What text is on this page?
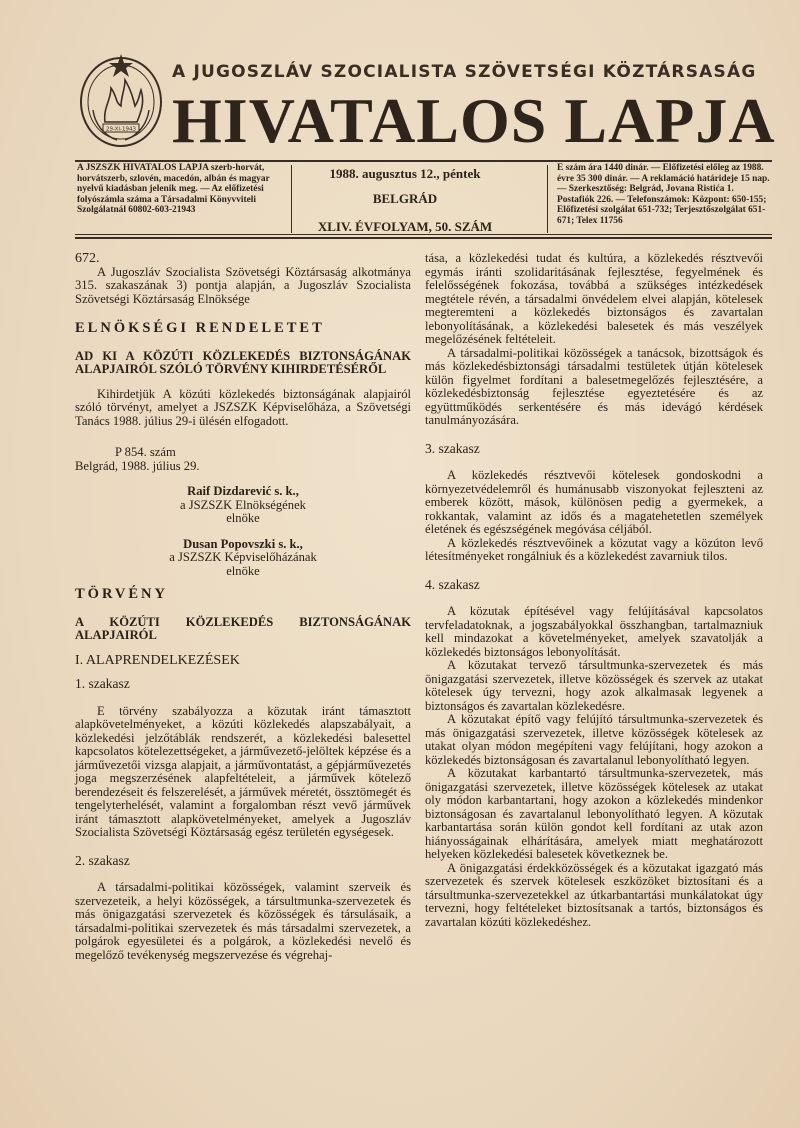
29-XI-1943
A JUGOSZLÁV SZOCIALISTA SZÖVETSÉGI KÖZTÁRSASÁG
HIVATALOS LAPJA
A JSZSZK HIVATALOS LAPJA szerb-horvát, horvátszerb, szlovén, macedón, albán és magyar nyelvű kiadásban jelenik meg. — Az előfizetési folyószámla száma a Társadalmi Könyvviteli Szolgálatnál 60802-603-21943
1988. augusztus 12., péntek
BELGRÁD
XLIV. ÉVFOLYAM, 50. SZÁM
E szám ára 1440 dinár. — Előfizetési előleg az 1988. évre 35 300 dinár. — A reklamáció határideje 15 nap. — Szerkesztőség: Belgrád, Jovana Ristića 1. Postafiók 226. — Telefonszámok: Központ: 650-155; Előfizetési szolgálat 651-732; Terjesztőszolgálat 651-671; Telex 11756

672.

A Jugoszláv Szocialista Szövetségi Köztársaság alkotmánya 315. szakaszának 3) pontja alapján, a Jugoszláv Szocialista Szövetségi Köztársaság Elnöksége

ELNÖKSÉGI RENDELETET

AD KI A KÖZÚTI KÖZLEKEDÉS BIZTONSÁGÁNAK ALAPJAIRÓL SZÓLÓ TÖRVÉNY KIHIRDETÉSÉRŐL

Kihirdetjük A közúti közlekedés biztonságának alapjairól szóló törvényt, amelyet a JSZSZK Képviselőháza, a Szövetségi Tanács 1988. július 29-i ülésén elfogadott.

P 854. szám

Belgrád, 1988. július 29.

Raif Dizdarević s. k.,
a JSZSZK Elnökségének
elnöke

Dusan Popovszki s. k.,
a JSZSZK Képviselőházának
elnöke

TÖRVÉNY

A KÖZÚTI KÖZLEKEDÉS BIZTONSÁGÁNAK ALAPJAIRÓL

I. ALAPRENDELKEZÉSEK

1. szakasz

E törvény szabályozza a közutak iránt támasztott alapkövetelményeket, a közúti közlekedés alapszabályait, a közlekedési jelzőtáblák rendszerét, a közlekedési balesettel kapcsolatos kötelezettségeket, a járművezető-jelöltek képzése és a járművezetői vizsga alapjait, a járművontatást, a gépjárművezetés joga megszerzésének alapfeltételeit, a járművek kötelező berendezéseit és felszerelését, a járművek méretét, össztömegét és tengelyterhelését, valamint a forgalomban részt vevő járművek iránt támasztott alapkövetelményeket, amelyek a Jugoszláv Szocialista Szövetségi Köztársaság egész területén egységesek.

2. szakasz

A társadalmi-politikai közösségek, valamint szerveik és szervezeteik, a helyi közösségek, a társultmunka-szervezetek és más önigazgatási szervezetek és közösségek és társulásaik, a társadalmi-politikai szervezetek és más társadalmi szervezetek, a polgárok egyesületei és a polgárok, a közlekedési nevelő és megelőző tevékenység megszervezése és végrehaj-

tása, a közlekedési tudat és kultúra, a közlekedés résztvevői egymás iránti szolidaritásának fejlesztése, fegyelmének és felelősségének fokozása, továbbá a szükséges intézkedések megtétele révén, a társadalmi önvédelem elvei alapján, kötelesek megteremteni a közlekedés biztonságos és zavartalan lebonyolításának, a közlekedési balesetek és más veszélyek megelőzésének feltételeit.

A társadalmi-politikai közösségek a tanácsok, bizottságok és más közlekedésbiztonsági társadalmi testületek útján kötelesek külön figyelmet fordítani a balesetmegelőzés fejlesztésére, a közlekedésbiztonság fejlesztése egyeztetésére és az együttműködés serkentésére és más idevágó kérdések tanulmányozására.

3. szakasz

A közlekedés résztvevői kötelesek gondoskodni a környezetvédelemről és humánusabb viszonyokat fejleszteni az emberek között, mások, különösen pedig a gyermekek, a rokkantak, valamint az idős és a magatehetetlen személyek életének és egészségének megóvása céljából.

A közlekedés résztvevőinek a közutat vagy a közúton levő létesítményeket rongálniuk és a közlekedést zavarniuk tilos.

4. szakasz

A közutak építésével vagy felújításával kapcsolatos tervfeladatoknak, a jogszabályokkal összhangban, tartalmazniuk kell mindazokat a követelményeket, amelyek szavatolják a közlekedés biztonságos lebonyolítását.

A közutakat tervező társultmunka-szervezetek és más önigazgatási szervezetek, illetve közösségek és szervek az utakat kötelesek úgy tervezni, hogy azok alkalmasak legyenek a biztonságos és zavartalan közlekedésre.

A közutakat építő vagy felújító társultmunka-szervezetek és más önigazgatási szervezetek, illetve közösségek kötelesek az utakat olyan módon megépíteni vagy felújítani, hogy azokon a közlekedés biztonságosan és zavartalanul lebonyolítható legyen.

A közutakat karbantartó társultmunka-szervezetek, más önigazgatási szervezetek, illetve közösségek kötelesek az utakat oly módon karbantartani, hogy azokon a közlekedés mindenkor biztonságosan és zavartalanul lebonyolítható legyen. A közutak karbantartása során külön gondot kell fordítani az utak azon hiányosságainak elhárítására, amelyek miatt meghatározott helyeken közlekedési balesetek következnek be.

A önigazgatási érdekközösségek és a közutakat igazgató más szervezetek és szervek kötelesek eszközöket biztosítani és a társultmunka-szervezetekkel az útkarbantartási munkálatokat úgy tervezni, hogy feltételeket biztosítsanak a tartós, biztonságos és zavartalan közúti közlekedéshez.
